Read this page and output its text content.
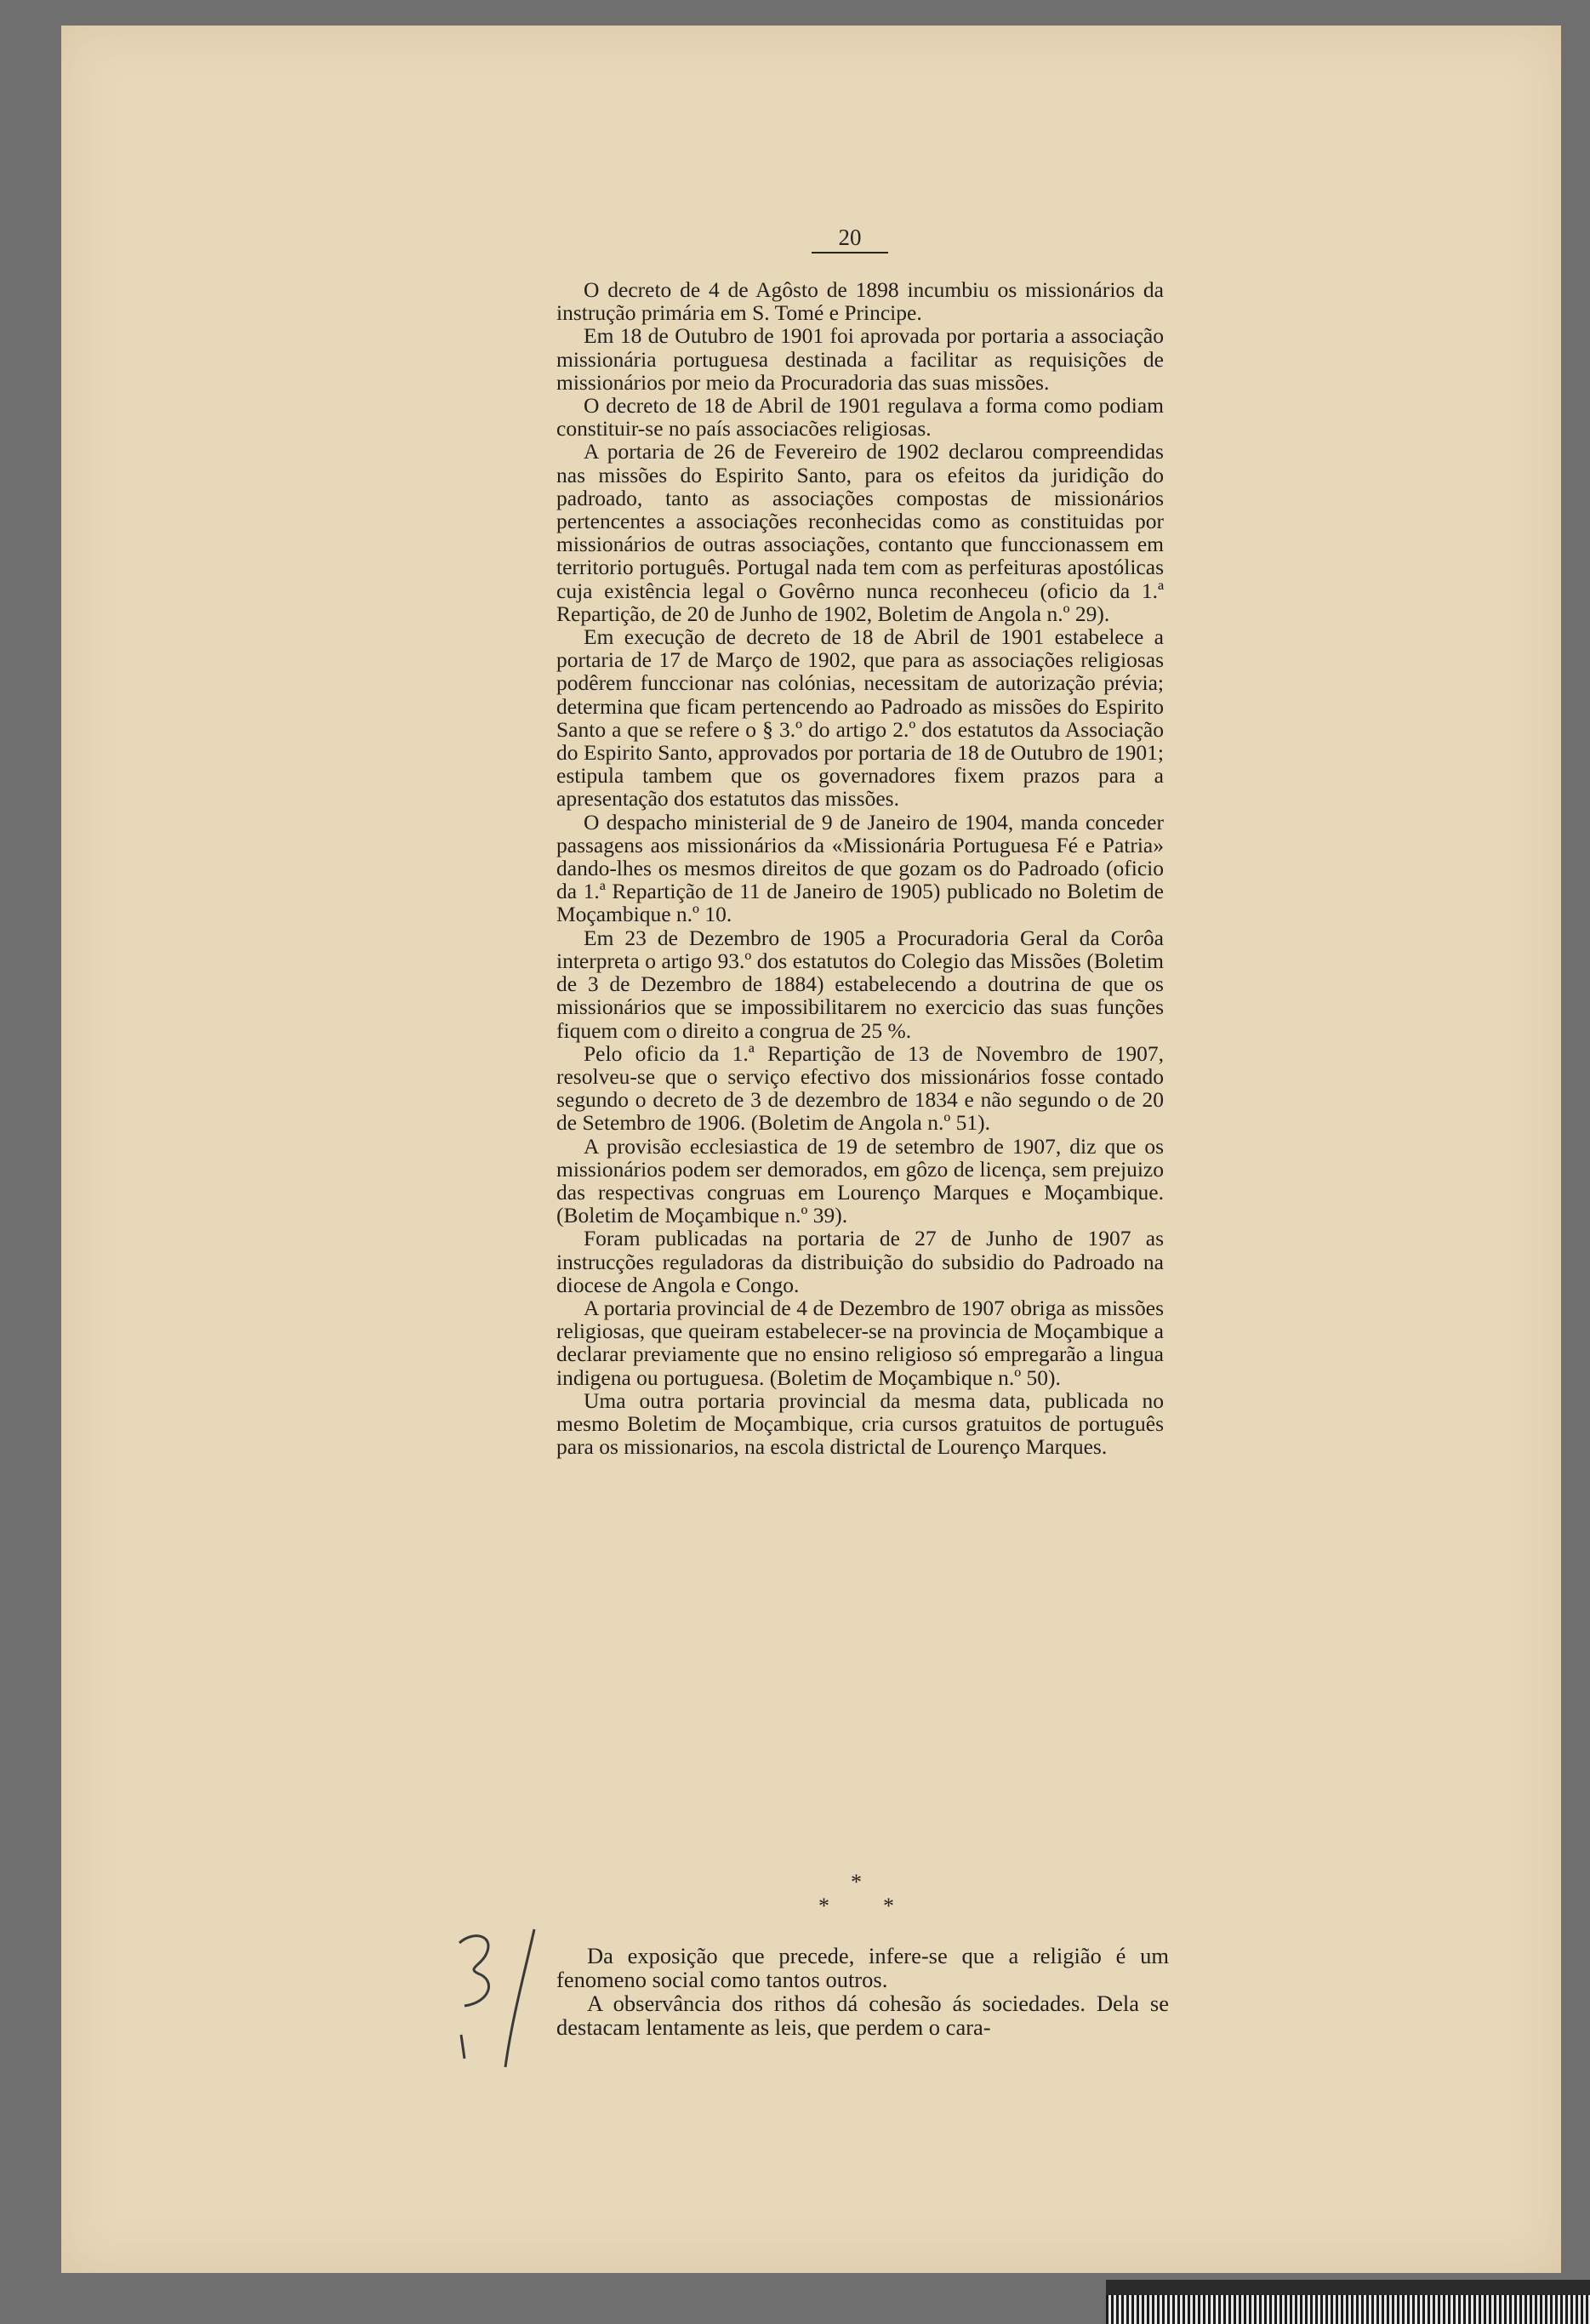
20

O decreto de 4 de Agôsto de 1898 incumbiu os missionários da instrução primária em S. Tomé e Principe.

Em 18 de Outubro de 1901 foi aprovada por portaria a associação missionária portuguesa destinada a facilitar as requisições de missionários por meio da Procuradoria das suas missões.

O decreto de 18 de Abril de 1901 regulava a forma como podiam constituir-se no país associacões religiosas.

A portaria de 26 de Fevereiro de 1902 declarou compreendidas nas missões do Espirito Santo, para os efeitos da juridição do padroado, tanto as associações compostas de missionários pertencentes a associações reconhecidas como as constituidas por missionários de outras associações, contanto que funccionassem em territorio português. Portugal nada tem com as perfeituras apostólicas cuja existência legal o Govêrno nunca reconheceu (oficio da 1.ª Repartição, de 20 de Junho de 1902, Boletim de Angola n.º 29).

Em execução de decreto de 18 de Abril de 1901 estabelece a portaria de 17 de Março de 1902, que para as associações religiosas podêrem funccionar nas colónias, necessitam de autorização prévia; determina que ficam pertencendo ao Padroado as missões do Espirito Santo a que se refere o § 3.º do artigo 2.º dos estatutos da Associação do Espirito Santo, approvados por portaria de 18 de Outubro de 1901; estipula tambem que os governadores fixem prazos para a apresentação dos estatutos das missões.

O despacho ministerial de 9 de Janeiro de 1904, manda conceder passagens aos missionários da «Missionária Portuguesa Fé e Patria» dando-lhes os mesmos direitos de que gozam os do Padroado (oficio da 1.ª Repartição de 11 de Janeiro de 1905) publicado no Boletim de Moçambique n.º 10.

Em 23 de Dezembro de 1905 a Procuradoria Geral da Corôa interpreta o artigo 93.º dos estatutos do Colegio das Missões (Boletim de 3 de Dezembro de 1884) estabelecendo a doutrina de que os missionários que se impossibilitarem no exercicio das suas funções fiquem com o direito a congrua de 25 %.

Pelo oficio da 1.ª Repartição de 13 de Novembro de 1907, resolveu-se que o serviço efectivo dos missionários fosse contado segundo o decreto de 3 de dezembro de 1834 e não segundo o de 20 de Setembro de 1906. (Boletim de Angola n.º 51).

A provisão ecclesiastica de 19 de setembro de 1907, diz que os missionários podem ser demorados, em gôzo de licença, sem prejuizo das respectivas congruas em Lourenço Marques e Moçambique. (Boletim de Moçambique n.º 39).

Foram publicadas na portaria de 27 de Junho de 1907 as instrucções reguladoras da distribuição do subsidio do Padroado na diocese de Angola e Congo.

A portaria provincial de 4 de Dezembro de 1907 obriga as missões religiosas, que queiram estabelecer-se na provincia de Moçambique a declarar previamente que no ensino religioso só empregarão a lingua indigena ou portuguesa. (Boletim de Moçambique n.º 50).

Uma outra portaria provincial da mesma data, publicada no mesmo Boletim de Moçambique, cria cursos gratuitos de português para os missionarios, na escola districtal de Lourenço Marques.

*
* *

Da exposição que precede, infere-se que a religião é um fenomeno social como tantos outros.

A observância dos rithos dá cohesão ás sociedades. Dela se destacam lentamente as leis, que perdem o cara-
